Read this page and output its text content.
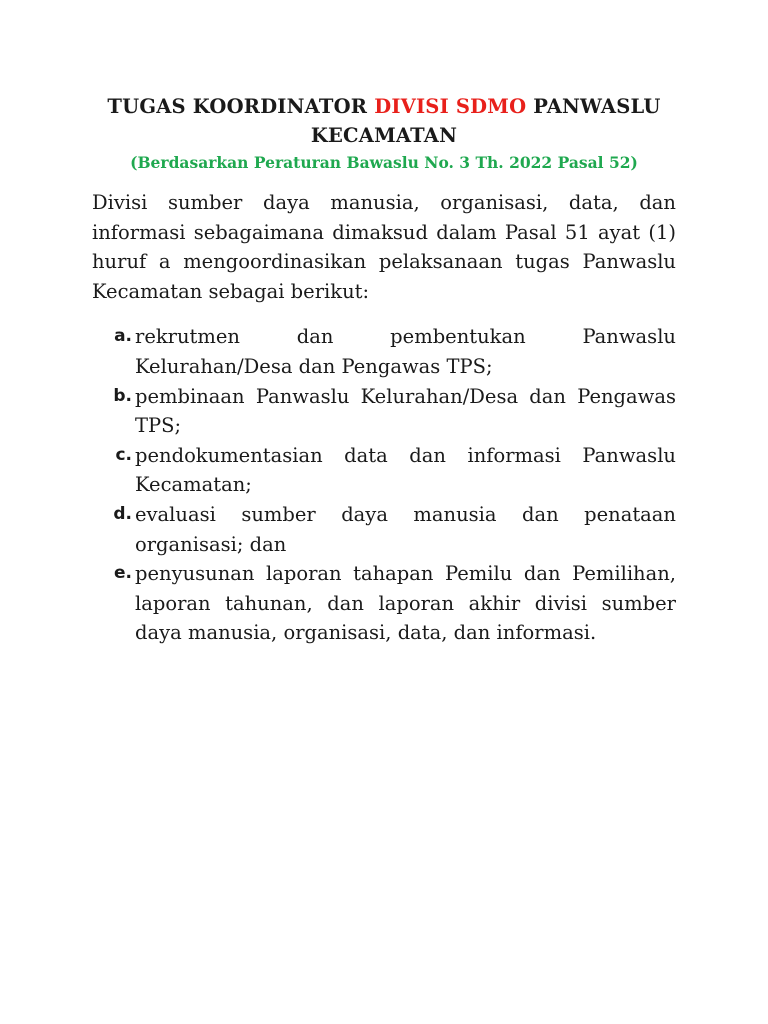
TUGAS KOORDINATOR DIVISI SDMO PANWASLU KECAMATAN

(Berdasarkan Peraturan Bawaslu No. 3 Th. 2022 Pasal 52)

Divisi sumber daya manusia, organisasi, data, dan informasi sebagaimana dimaksud dalam Pasal 51 ayat (1) huruf a mengoordinasikan pelaksanaan tugas Panwaslu Kecamatan sebagai berikut:

a. rekrutmen dan pembentukan Panwaslu Kelurahan/Desa dan Pengawas TPS;
b. pembinaan Panwaslu Kelurahan/Desa dan Pengawas TPS;
c. pendokumentasian data dan informasi Panwaslu Kecamatan;
d. evaluasi sumber daya manusia dan penataan organisasi; dan
e. penyusunan laporan tahapan Pemilu dan Pemilihan, laporan tahunan, dan laporan akhir divisi sumber daya manusia, organisasi, data, dan informasi.
